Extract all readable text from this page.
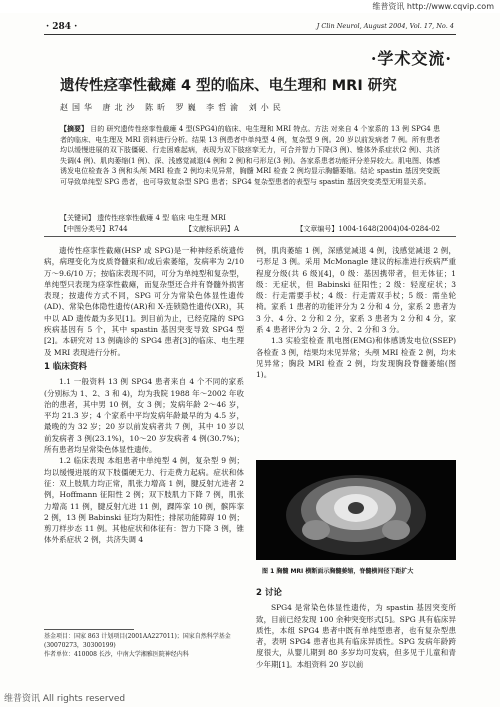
维普资讯 http://www.cqvip.com
· 284 ·	J Clin Neurol, August 2004, Vol. 17, No. 4
·学术交流·
遗传性痉挛性截瘫 4 型的临床、电生理和 MRI 研究
赵国华 唐北沙 陈昕 罗巍 李哲渝 刘小民
【摘要】 目的 研究遗传性痉挛性截瘫 4 型(SPG4)的临床、电生理和 MRI 特点。方法 对来自 4 个家系的 13 例 SPG4 患者的临床、电生理及 MRI 资料进行分析。结果 13 例患者中单纯型 4 例，复杂型 9 例。20 岁以前发病者 7 例。所有患者均以缓慢进展的双下肢僵硬、行走困难起病，表现为双下肢痉挛无力，可合并智力下降(3 例)、锥体外系症状(2 例)、共济失调(4 例)、肌肉萎缩(1 例)、深、浅感觉减退(4 例和 2 例)和弓形足(3 例)。各家系患者功能评分差异较大。肌电图、体感诱发电位检查各 3 例和头颅 MRI 检查 2 例均未见异常，胸髓 MRI 检查 2 例均显示胸髓萎缩。结论 spastin 基因突变既可导致单纯型 SPG 患者，也可导致复杂型 SPG 患者；SPG4 复杂型患者的表型与 spastin 基因突变类型无明显关系。
【关键词】 遗传性痉挛性截瘫 4 型 临床 电生理 MRI
【中图分类号】R744	【文献标识码】A	【文章编号】1004-1648(2004)04-0284-02

遗传性痉挛性截瘫(HSP 或 SPG)是一种神经系统遗传病，病理变化为皮质脊髓束和/或后索萎缩，发病率为 2/10 万～9.6/10 万；按临床表现不同，可分为单纯型和复杂型，单纯型只表现为痉挛性截瘫，而复杂型还合并有脊髓外损害表现；按遗传方式不同，SPG 可分为常染色体显性遗传(AD)、常染色体隐性遗传(AR)和 X-连锁隐性遗传(XR)，其中以 AD 遗传最为多见[1]。到目前为止，已经克隆的 SPG 疾病基因有 5 个，其中 spastin 基因突变导致 SPG4 型[2]。本研究对 13 例确诊的 SPG4 患者[3]的临床、电生理及 MRI 表现进行分析。

1 临床资料

1.1 一般资料 13 例 SPG4 患者来自 4 个不同的家系(分别标为 1、2、3 和 4)，均为我院 1988 年～2002 年收治的患者，其中男 10 例，女 3 例；发病年龄 2～46 岁，平均 21.3 岁；4 个家系中平均发病年龄最早的为 4.5 岁，最晚的为 32 岁；20 岁以前发病者共 7 例，其中 10 岁以前发病者 3 例(23.1%)，10～20 岁发病者 4 例(30.7%)；所有患者均呈常染色体显性遗传。

1.2 临床表现 本组患者中单纯型 4 例，复杂型 9 例；均以缓慢进展的双下肢僵硬无力、行走费力起病。症状和体征：双上肢肌力均正常，肌张力增高 1 例，腱反射亢进者 2 例，Hoffmann 征阳性 2 例；双下肢肌力下降 7 例，肌张力增高 11 例，腱反射亢进 11 例，踝阵挛 10 例，髌阵挛 2 例，13 例 Babinski 征均为阳性；排尿功能障碍 10 例；剪刀样步态 11 例。其他症状和体征有：智力下降 3 例，锥体外系症状 2 例，共济失调 4

例，肌肉萎缩 1 例，深感觉减退 4 例，浅感觉减退 2 例，弓形足 3 例。采用 McMonagle 建议的标准进行疾病严重程度分级(共 6 级)[4]，0 级：基因携带者，但无体征；1 级：无症状，但 Babinski 征阳性；2 级：轻度症状；3 级：行走需要手杖；4 级：行走需双手杖；5 级：需坐轮椅。家系 1 患者的功能评分为 2 分和 4 分，家系 2 患者为 3 分、4 分、2 分和 2 分，家系 3 患者为 2 分和 4 分，家系 4 患者评分为 2 分、2 分、2 分和 3 分。

1.3 实验室检查 肌电图(EMG)和体感诱发电位(SSEP)各检查 3 例，结果均未见异常；头颅 MRI 检查 2 例，均未见异常；胸段 MRI 检查 2 例，均发现胸段脊髓萎缩(图 1)。

图 1 胸髓 MRI 横断面示胸髓萎缩，脊髓横间径下距扩大
2 讨论

SPG4 是常染色体显性遗传，为 spastin 基因突变所致，目前已经发现 100 余种突变形式[5]。SPG 具有临床异质性，本组 SPG4 患者中既有单纯型患者，也有复杂型患者，表明 SPG4 患者也具有临床异质性。SPG 发病年龄跨度很大，从婴儿期到 80 多岁均可发病，但多见于儿童和青少年期[1]。本组资料 20 岁以前

基金项目：国家 863 计划项目(2001AA227011)；国家自然科学基金(30070273，30300199)
作者单位：410008 长沙，中南大学湘雅医院神经内科
维普资讯 All rights reserved
